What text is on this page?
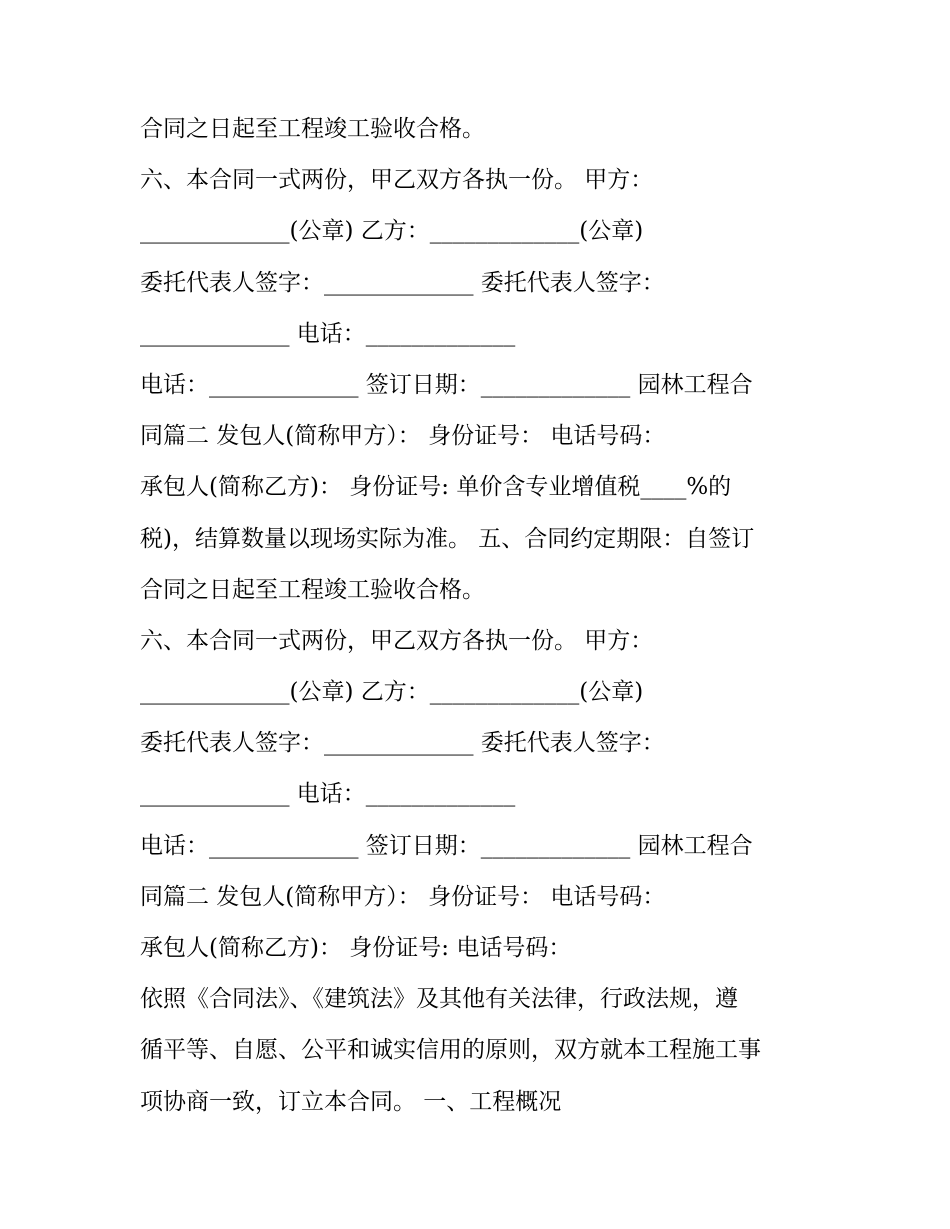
合同之日起至工程竣工验收合格。
六、本合同一式两份，甲乙双方各执一份。 甲方：
_____________(公章) 乙方：_____________(公章)
委托代表人签字：_____________ 委托代表人签字：
_____________ 电话：_____________
电话：_____________ 签订日期：_____________ 园林工程合
同篇二 发包人(简称甲方）： 身份证号： 电话号码：
承包人(简称乙方)： 身份证号: 单价含专业增值税____%的
税)，结算数量以现场实际为准。 五、合同约定期限：自签订
合同之日起至工程竣工验收合格。
六、本合同一式两份，甲乙双方各执一份。 甲方：
_____________(公章) 乙方：_____________(公章)
委托代表人签字：_____________ 委托代表人签字：
_____________ 电话：_____________
电话：_____________ 签订日期：_____________ 园林工程合
同篇二 发包人(简称甲方）： 身份证号： 电话号码：
承包人(简称乙方)： 身份证号: 电话号码：
依照《合同法》、《建筑法》及其他有关法律，行政法规，遵
循平等、自愿、公平和诚实信用的原则，双方就本工程施工事
项协商一致，订立本合同。 一、工程概况
